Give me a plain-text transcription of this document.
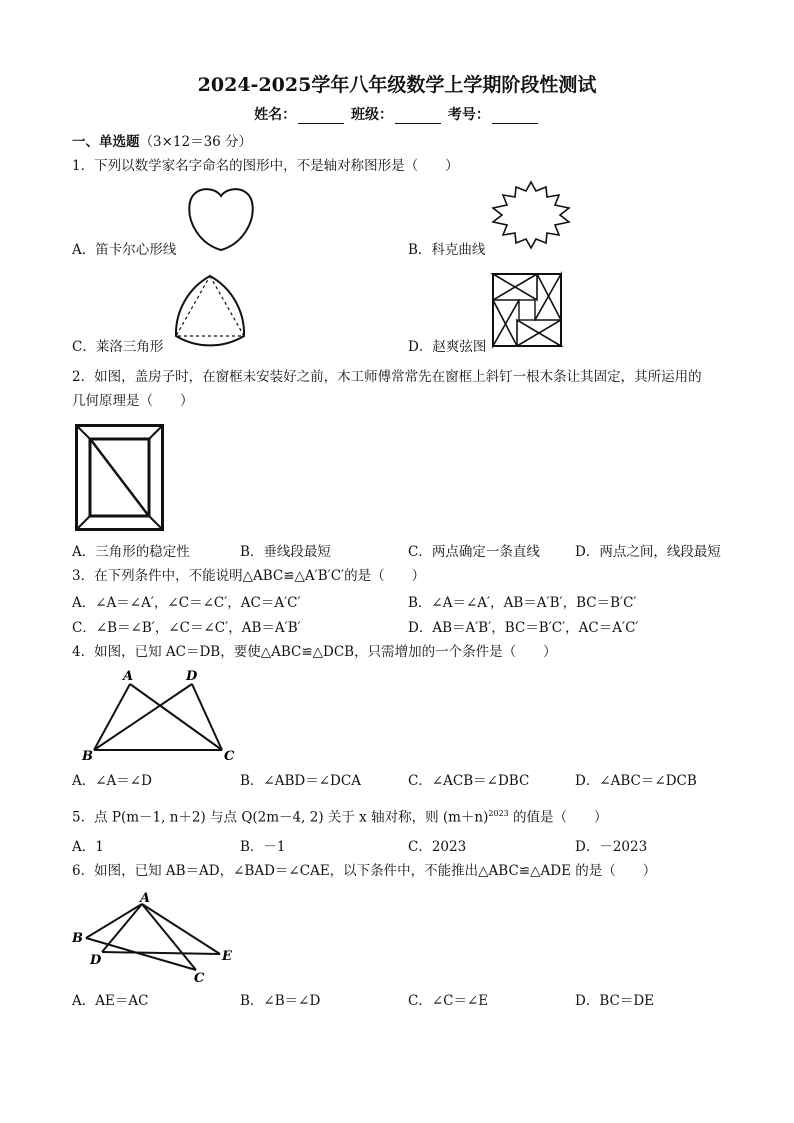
2024-2025学年八年级数学上学期阶段性测试
姓名：	班级：	考号：
一、单选题（3×12＝36 分）
1．下列以数学家名字命名的图形中，不是轴对称图形是（　　）
A．笛卡尔心形线	B．科克曲线
C．莱洛三角形	D．赵爽弦图
2．如图，盖房子时，在窗框未安装好之前，木工师傅常常先在窗框上斜钉一根木条让其固定，其所运用的
几何原理是（　　）
A．三角形的稳定性	B．垂线段最短	C．两点确定一条直线	D．两点之间，线段最短
3．在下列条件中，不能说明△ABC≌△A′B′C′的是（　　）
A．∠A＝∠A′，∠C＝∠C′，AC＝A′C′	B．∠A＝∠A′，AB＝A′B′，BC＝B′C′
C．∠B＝∠B′，∠C＝∠C′，AB＝A′B′	D．AB＝A′B′，BC＝B′C′，AC＝A′C′
4．如图，已知 AC＝DB，要使△ABC≌△DCB，只需增加的一个条件是（　　）
A	D
B	C
A．∠A＝∠D	B．∠ABD＝∠DCA	C．∠ACB＝∠DBC	D．∠ABC＝∠DCB
5．点 P(m－1, n＋2) 与点 Q(2m－4, 2) 关于 x 轴对称，则 $(m+n)^{2023}$ 的值是（　　）
A．1	B．－1	C．2023	D．－2023
6．如图，已知 AB＝AD，∠BAD＝∠CAE，以下条件中，不能推出△ABC≌△ADE 的是（　　）
A
B
D
C
E
A．AE＝AC	B．∠B＝∠D	C．∠C＝∠E	D．BC＝DE
